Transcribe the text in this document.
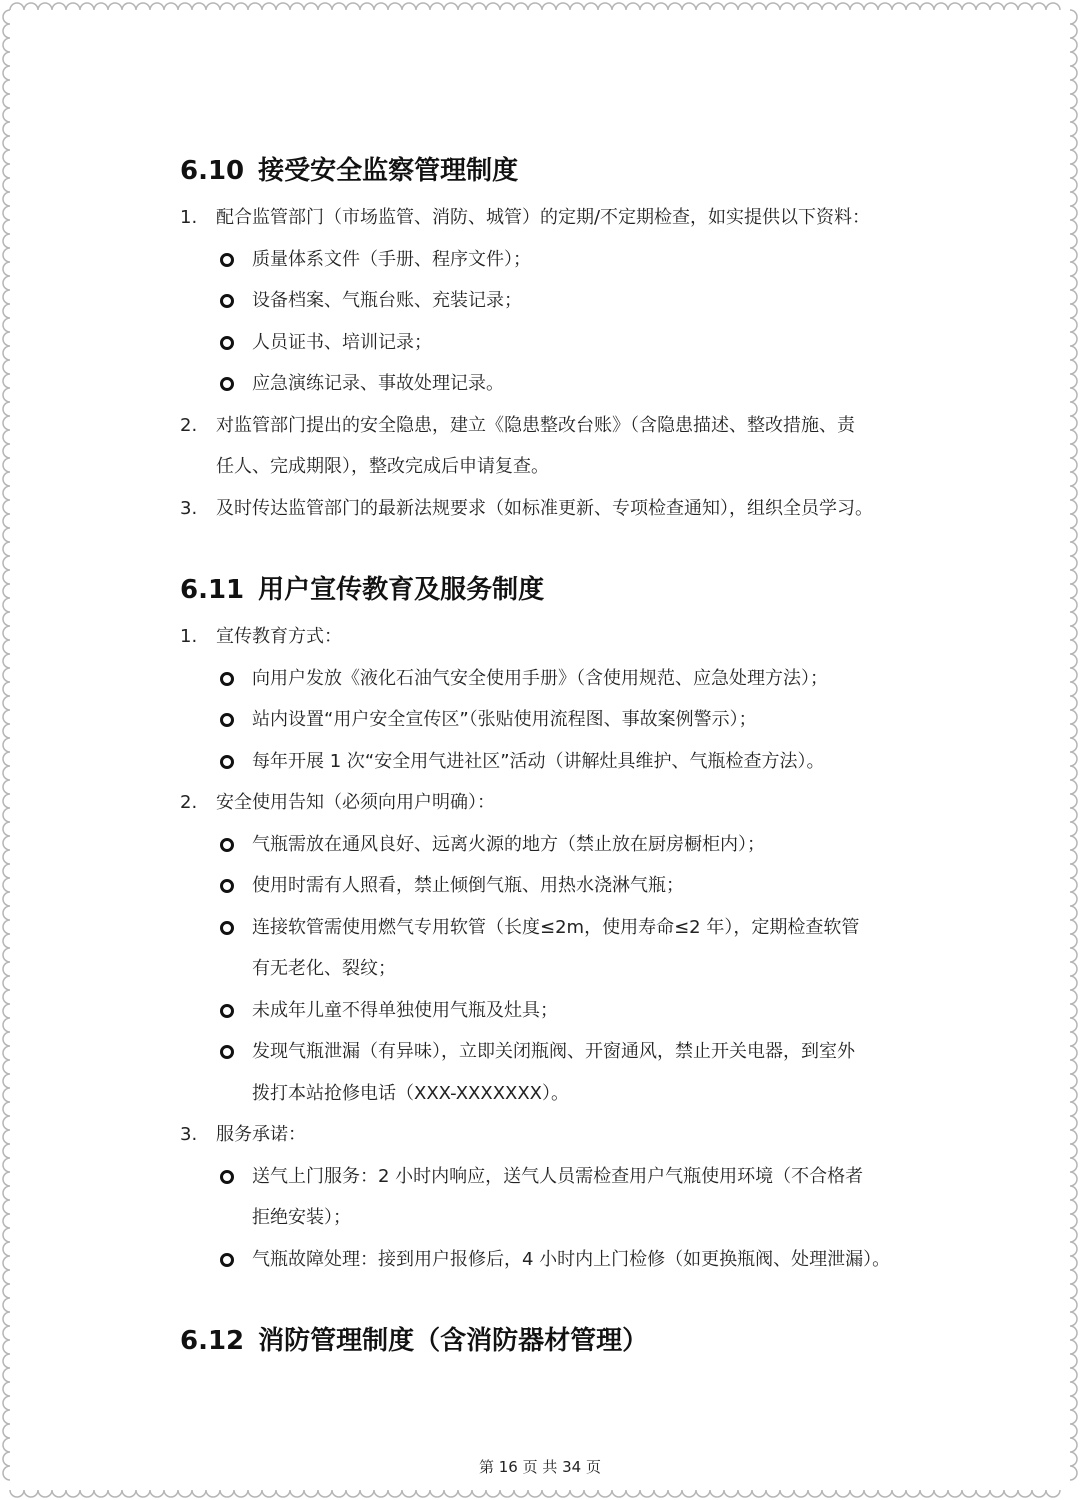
6.10 接受安全监察管理制度
1. 配合监管部门（市场监管、消防、城管）的定期/不定期检查，如实提供以下资料：
质量体系文件（手册、程序文件）；
设备档案、气瓶台账、充装记录；
人员证书、培训记录；
应急演练记录、事故处理记录。
2. 对监管部门提出的安全隐患，建立《隐患整改台账》（含隐患描述、整改措施、责
任人、完成期限），整改完成后申请复查。
3. 及时传达监管部门的最新法规要求（如标准更新、专项检查通知），组织全员学习。
6.11 用户宣传教育及服务制度
1. 宣传教育方式：
向用户发放《液化石油气安全使用手册》（含使用规范、应急处理方法）；
站内设置“用户安全宣传区”（张贴使用流程图、事故案例警示）；
每年开展 1 次“安全用气进社区”活动（讲解灶具维护、气瓶检查方法）。
2. 安全使用告知（必须向用户明确）：
气瓶需放在通风良好、远离火源的地方（禁止放在厨房橱柜内）；
使用时需有人照看，禁止倾倒气瓶、用热水浇淋气瓶；
连接软管需使用燃气专用软管（长度≤2m，使用寿命≤2 年），定期检查软管
有无老化、裂纹；
未成年儿童不得单独使用气瓶及灶具；
发现气瓶泄漏（有异味），立即关闭瓶阀、开窗通风，禁止开关电器，到室外
拨打本站抢修电话（XXX-XXXXXXX）。
3. 服务承诺：
送气上门服务：2 小时内响应，送气人员需检查用户气瓶使用环境（不合格者
拒绝安装）；
气瓶故障处理：接到用户报修后，4 小时内上门检修（如更换瓶阀、处理泄漏）。
6.12 消防管理制度（含消防器材管理）
第 16 页 共 34 页
